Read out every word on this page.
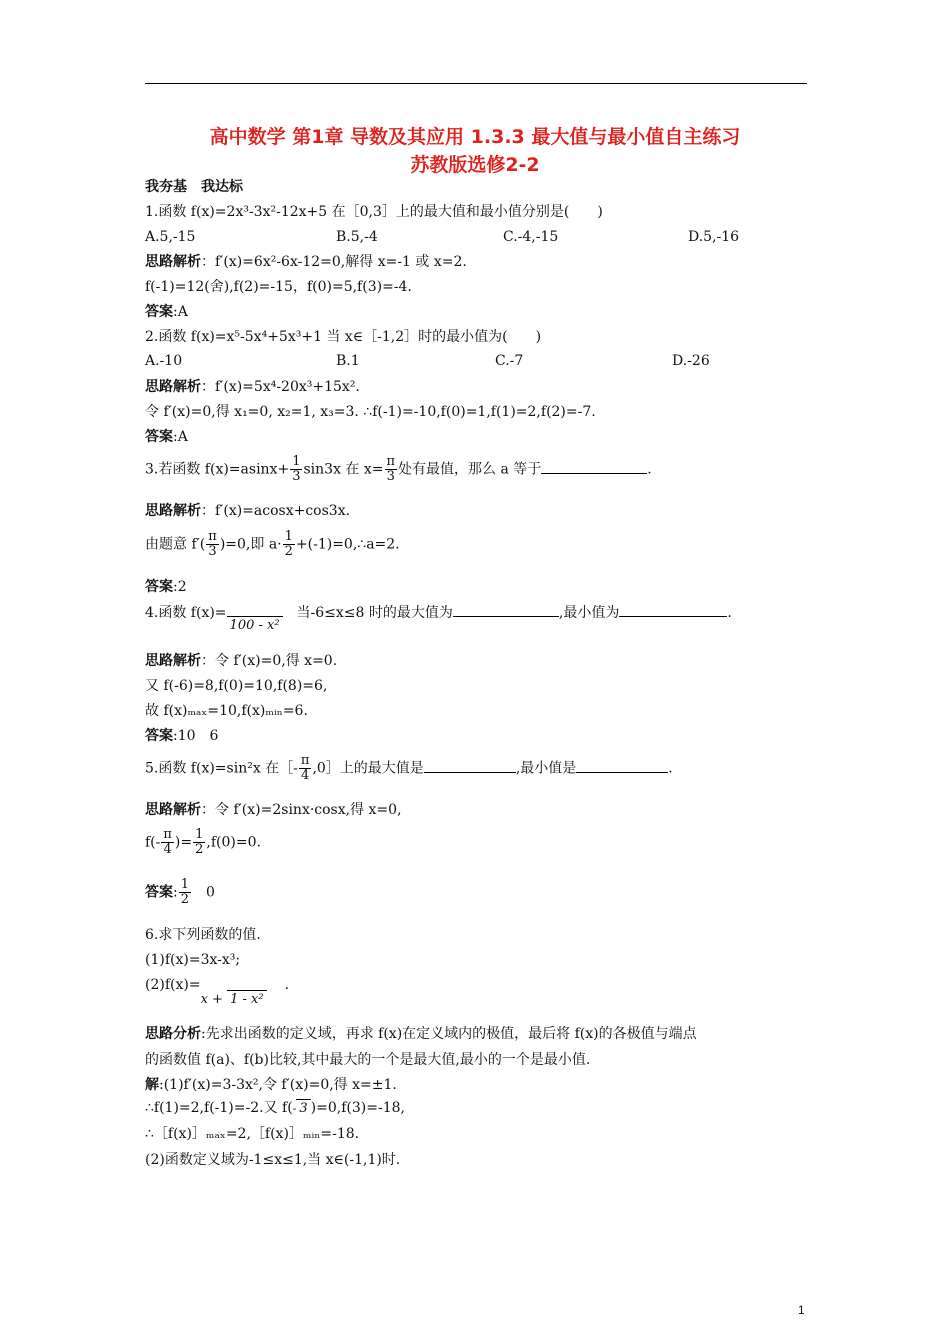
高中数学 第1章 导数及其应用 1.3.3 最大值与最小值自主练习
苏教版选修2-2
我夯基　我达标
1.函数 f(x)=2x³-3x²-12x+5 在［0,3］上的最大值和最小值分别是(　　)
A.5,-15	B.5,-4	C.-4,-15	D.5,-16
思路解析：f′(x)=6x²-6x-12=0,解得 x=-1 或 x=2.
f(-1)=12(舍),f(2)=-15，f(0)=5,f(3)=-4.
答案:A
2.函数 f(x)=x⁵-5x⁴+5x³+1 当 x∈［-1,2］时的最小值为(　　)
A.-10	B.1	C.-7	D.-26
思路解析：f′(x)=5x⁴-20x³+15x².
令 f′(x)=0,得 x₁=0, x₂=1, x₃=3. ∴f(-1)=-10,f(0)=1,f(1)=2,f(2)=-7.
答案:A
3.若函数 $f(x)=asinx+ \frac{1}{3} \sin 3x$ 在 $x= \frac{\pi}{3}$ 处有最值，那么 a 等于	.
思路解析：f′(x)=acosx+cos3x.
由题意 $f'( \frac{\pi}{3} )=0$,即 $a\cdot \frac{1}{2}$ +(-1)=0,∴a=2.
答案:2
4.函数 f(x)=
100 - x²
当-6≤x≤8 时的最大值为	,最小值为	.
思路解析：令 f′(x)=0,得 x=0.
又 f(-6)=8,f(0)=10,f(8)=6,
故 f(x)ₘₐₓ=10,f(x)ₘᵢₙ=6.
答案:10　6
5.函数 f(x)=sin²x 在［- $\frac{\pi}{4}$ ,0］上的最大值是	,最小值是	.
思路解析：令 f′(x)=2sinx·cosx,得 x=0,
$f(- \frac{\pi}{4}$ )= $\frac{1}{2} ,f(0)=0$.
答案: $\frac{1}{2}$ 　0
6.求下列函数的值.
(1)f(x)=3x-x³;
(2)f(x)=
x + 1 - x²
.
思路分析:先求出函数的定义域，再求 f(x)在定义域内的极值，最后将 f(x)的各极值与端点
的函数值 f(a)、f(b)比较,其中最大的一个是最大值,最小的一个是最小值.
解:(1)f′(x)=3-3x²,令 f′(x)=0,得 x=±1.
∴f(1)=2,f(-1)=-2.又 f(- 3 )=0,f(3)=-18,
∴［f(x)］ₘₐₓ=2,［f(x)］ₘᵢₙ=-18.
(2)函数定义域为-1≤x≤1,当 x∈(-1,1)时.
1
